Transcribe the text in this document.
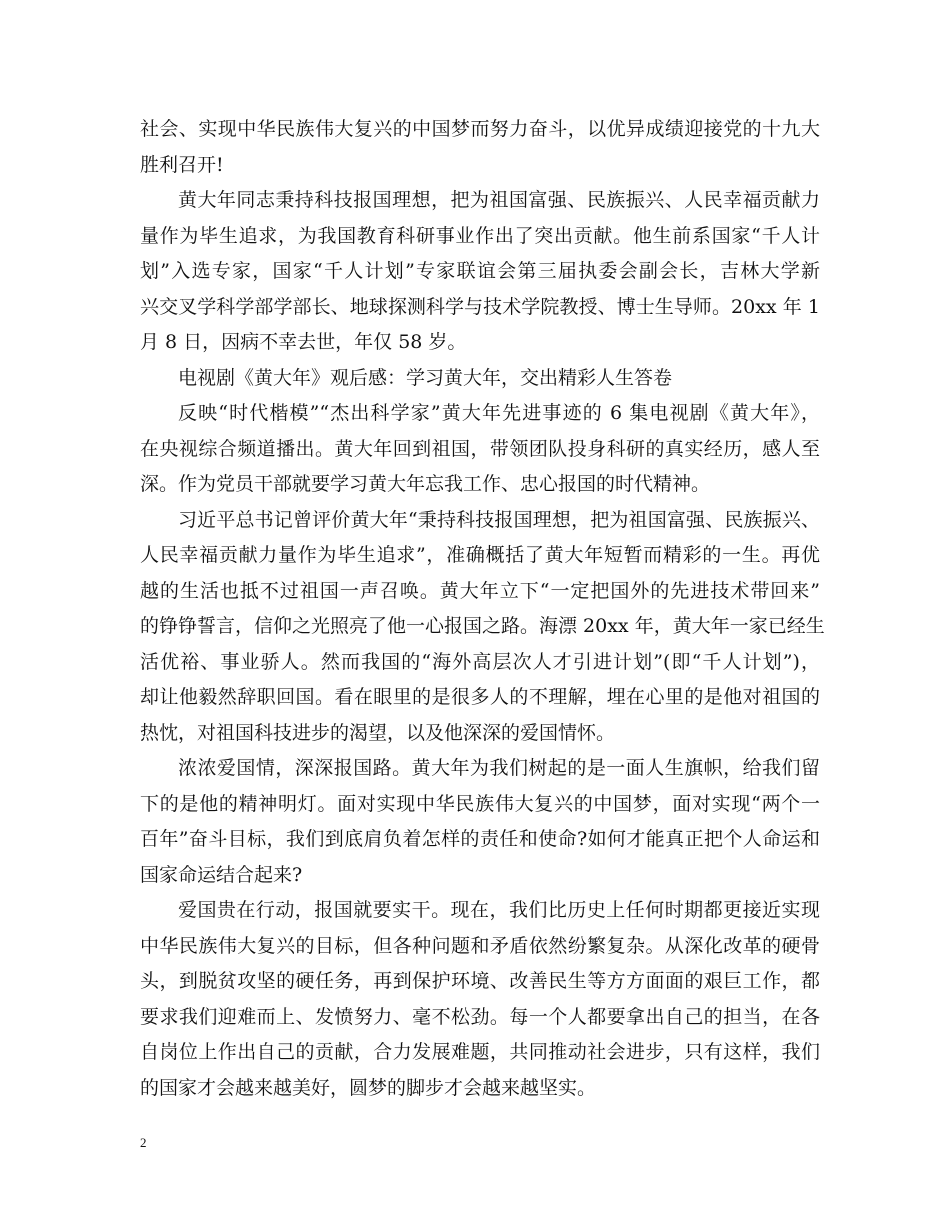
社会、实现中华民族伟大复兴的中国梦而努力奋斗，以优异成绩迎接党的十九大
胜利召开!
黄大年同志秉持科技报国理想，把为祖国富强、民族振兴、人民幸福贡献力
量作为毕生追求，为我国教育科研事业作出了突出贡献。他生前系国家“千人计
划”入选专家，国家“千人计划”专家联谊会第三届执委会副会长，吉林大学新
兴交叉学科学部学部长、地球探测科学与技术学院教授、博士生导师。20xx 年 1
月 8 日，因病不幸去世，年仅 58 岁。
电视剧《黄大年》观后感：学习黄大年，交出精彩人生答卷
反映“时代楷模”“杰出科学家”黄大年先进事迹的 6 集电视剧《黄大年》，
在央视综合频道播出。黄大年回到祖国，带领团队投身科研的真实经历，感人至
深。作为党员干部就要学习黄大年忘我工作、忠心报国的时代精神。
习近平总书记曾评价黄大年“秉持科技报国理想，把为祖国富强、民族振兴、
人民幸福贡献力量作为毕生追求”，准确概括了黄大年短暂而精彩的一生。再优
越的生活也抵不过祖国一声召唤。黄大年立下“一定把国外的先进技术带回来”
的铮铮誓言，信仰之光照亮了他一心报国之路。海漂 20xx 年，黄大年一家已经生
活优裕、事业骄人。然而我国的“海外高层次人才引进计划”(即“千人计划”)，
却让他毅然辞职回国。看在眼里的是很多人的不理解，埋在心里的是他对祖国的
热忱，对祖国科技进步的渴望，以及他深深的爱国情怀。
浓浓爱国情，深深报国路。黄大年为我们树起的是一面人生旗帜，给我们留
下的是他的精神明灯。面对实现中华民族伟大复兴的中国梦，面对实现“两个一
百年”奋斗目标，我们到底肩负着怎样的责任和使命?如何才能真正把个人命运和
国家命运结合起来?
爱国贵在行动，报国就要实干。现在，我们比历史上任何时期都更接近实现
中华民族伟大复兴的目标，但各种问题和矛盾依然纷繁复杂。从深化改革的硬骨
头，到脱贫攻坚的硬任务，再到保护环境、改善民生等方方面面的艰巨工作，都
要求我们迎难而上、发愤努力、毫不松劲。每一个人都要拿出自己的担当，在各
自岗位上作出自己的贡献，合力发展难题，共同推动社会进步，只有这样，我们
的国家才会越来越美好，圆梦的脚步才会越来越坚实。
2
